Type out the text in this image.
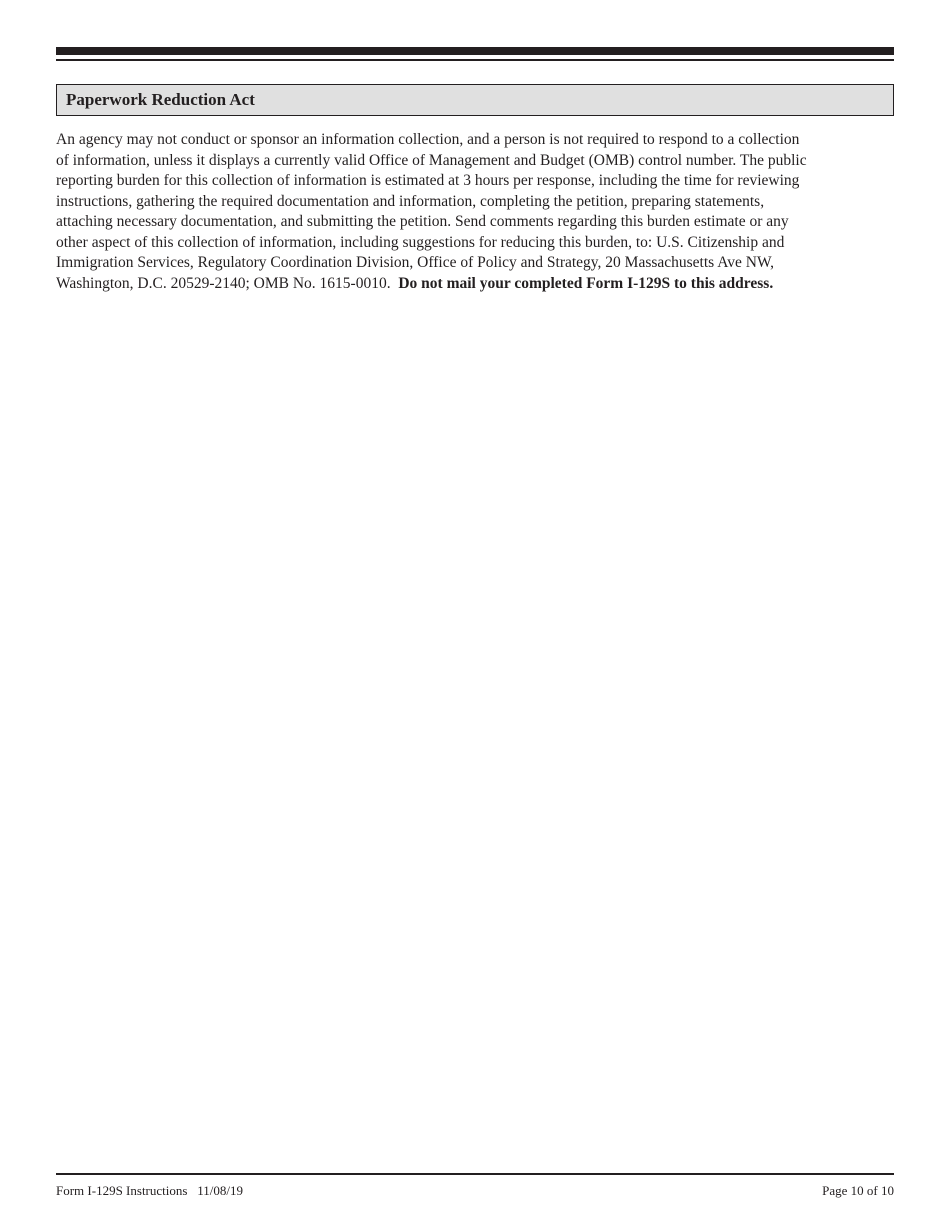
Paperwork Reduction Act

An agency may not conduct or sponsor an information collection, and a person is not required to respond to a collection
of information, unless it displays a currently valid Office of Management and Budget (OMB) control number. The public
reporting burden for this collection of information is estimated at 3 hours per response, including the time for reviewing
instructions, gathering the required documentation and information, completing the petition, preparing statements,
attaching necessary documentation, and submitting the petition. Send comments regarding this burden estimate or any
other aspect of this collection of information, including suggestions for reducing this burden, to: U.S. Citizenship and
Immigration Services, Regulatory Coordination Division, Office of Policy and Strategy, 20 Massachusetts Ave NW,
Washington, D.C. 20529-2140; OMB No. 1615-0010.  Do not mail your completed Form I-129S to this address.

Form I-129S Instructions 11/08/19	Page 10 of 10
